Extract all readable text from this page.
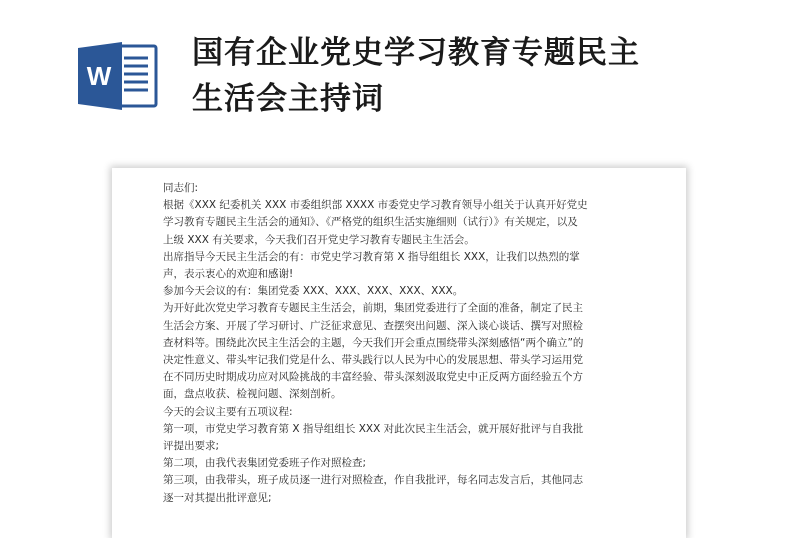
W
国有企业党史学习教育专题民主
生活会主持词

同志们:

根据《XXX 纪委机关 XXX 市委组织部 XXXX 市委党史学习教育领导小组关于认真开好党史

学习教育专题民主生活会的通知》、《严格党的组织生活实施细则（试行）》有关规定，以及

上级 XXX 有关要求，今天我们召开党史学习教育专题民主生活会。

出席指导今天民主生活会的有：市党史学习教育第 X 指导组组长 XXX，让我们以热烈的掌

声，表示衷心的欢迎和感谢!

参加今天会议的有：集团党委 XXX、XXX、XXX、XXX、XXX。

为开好此次党史学习教育专题民主生活会，前期，集团党委进行了全面的准备，制定了民主

生活会方案、开展了学习研讨、广泛征求意见、查摆突出问题、深入谈心谈话、撰写对照检

查材料等。围绕此次民主生活会的主题，今天我们开会重点围绕带头深刻感悟“两个确立”的

决定性意义、带头牢记我们党是什么、带头践行以人民为中心的发展思想、带头学习运用党

在不同历史时期成功应对风险挑战的丰富经验、带头深刻汲取党史中正反两方面经验五个方

面，盘点收获、检视问题、深刻剖析。

今天的会议主要有五项议程:

第一项，市党史学习教育第 X 指导组组长 XXX 对此次民主生活会，就开展好批评与自我批

评提出要求;

第二项，由我代表集团党委班子作对照检查;

第三项，由我带头，班子成员逐一进行对照检查，作自我批评，每名同志发言后，其他同志

逐一对其提出批评意见;
